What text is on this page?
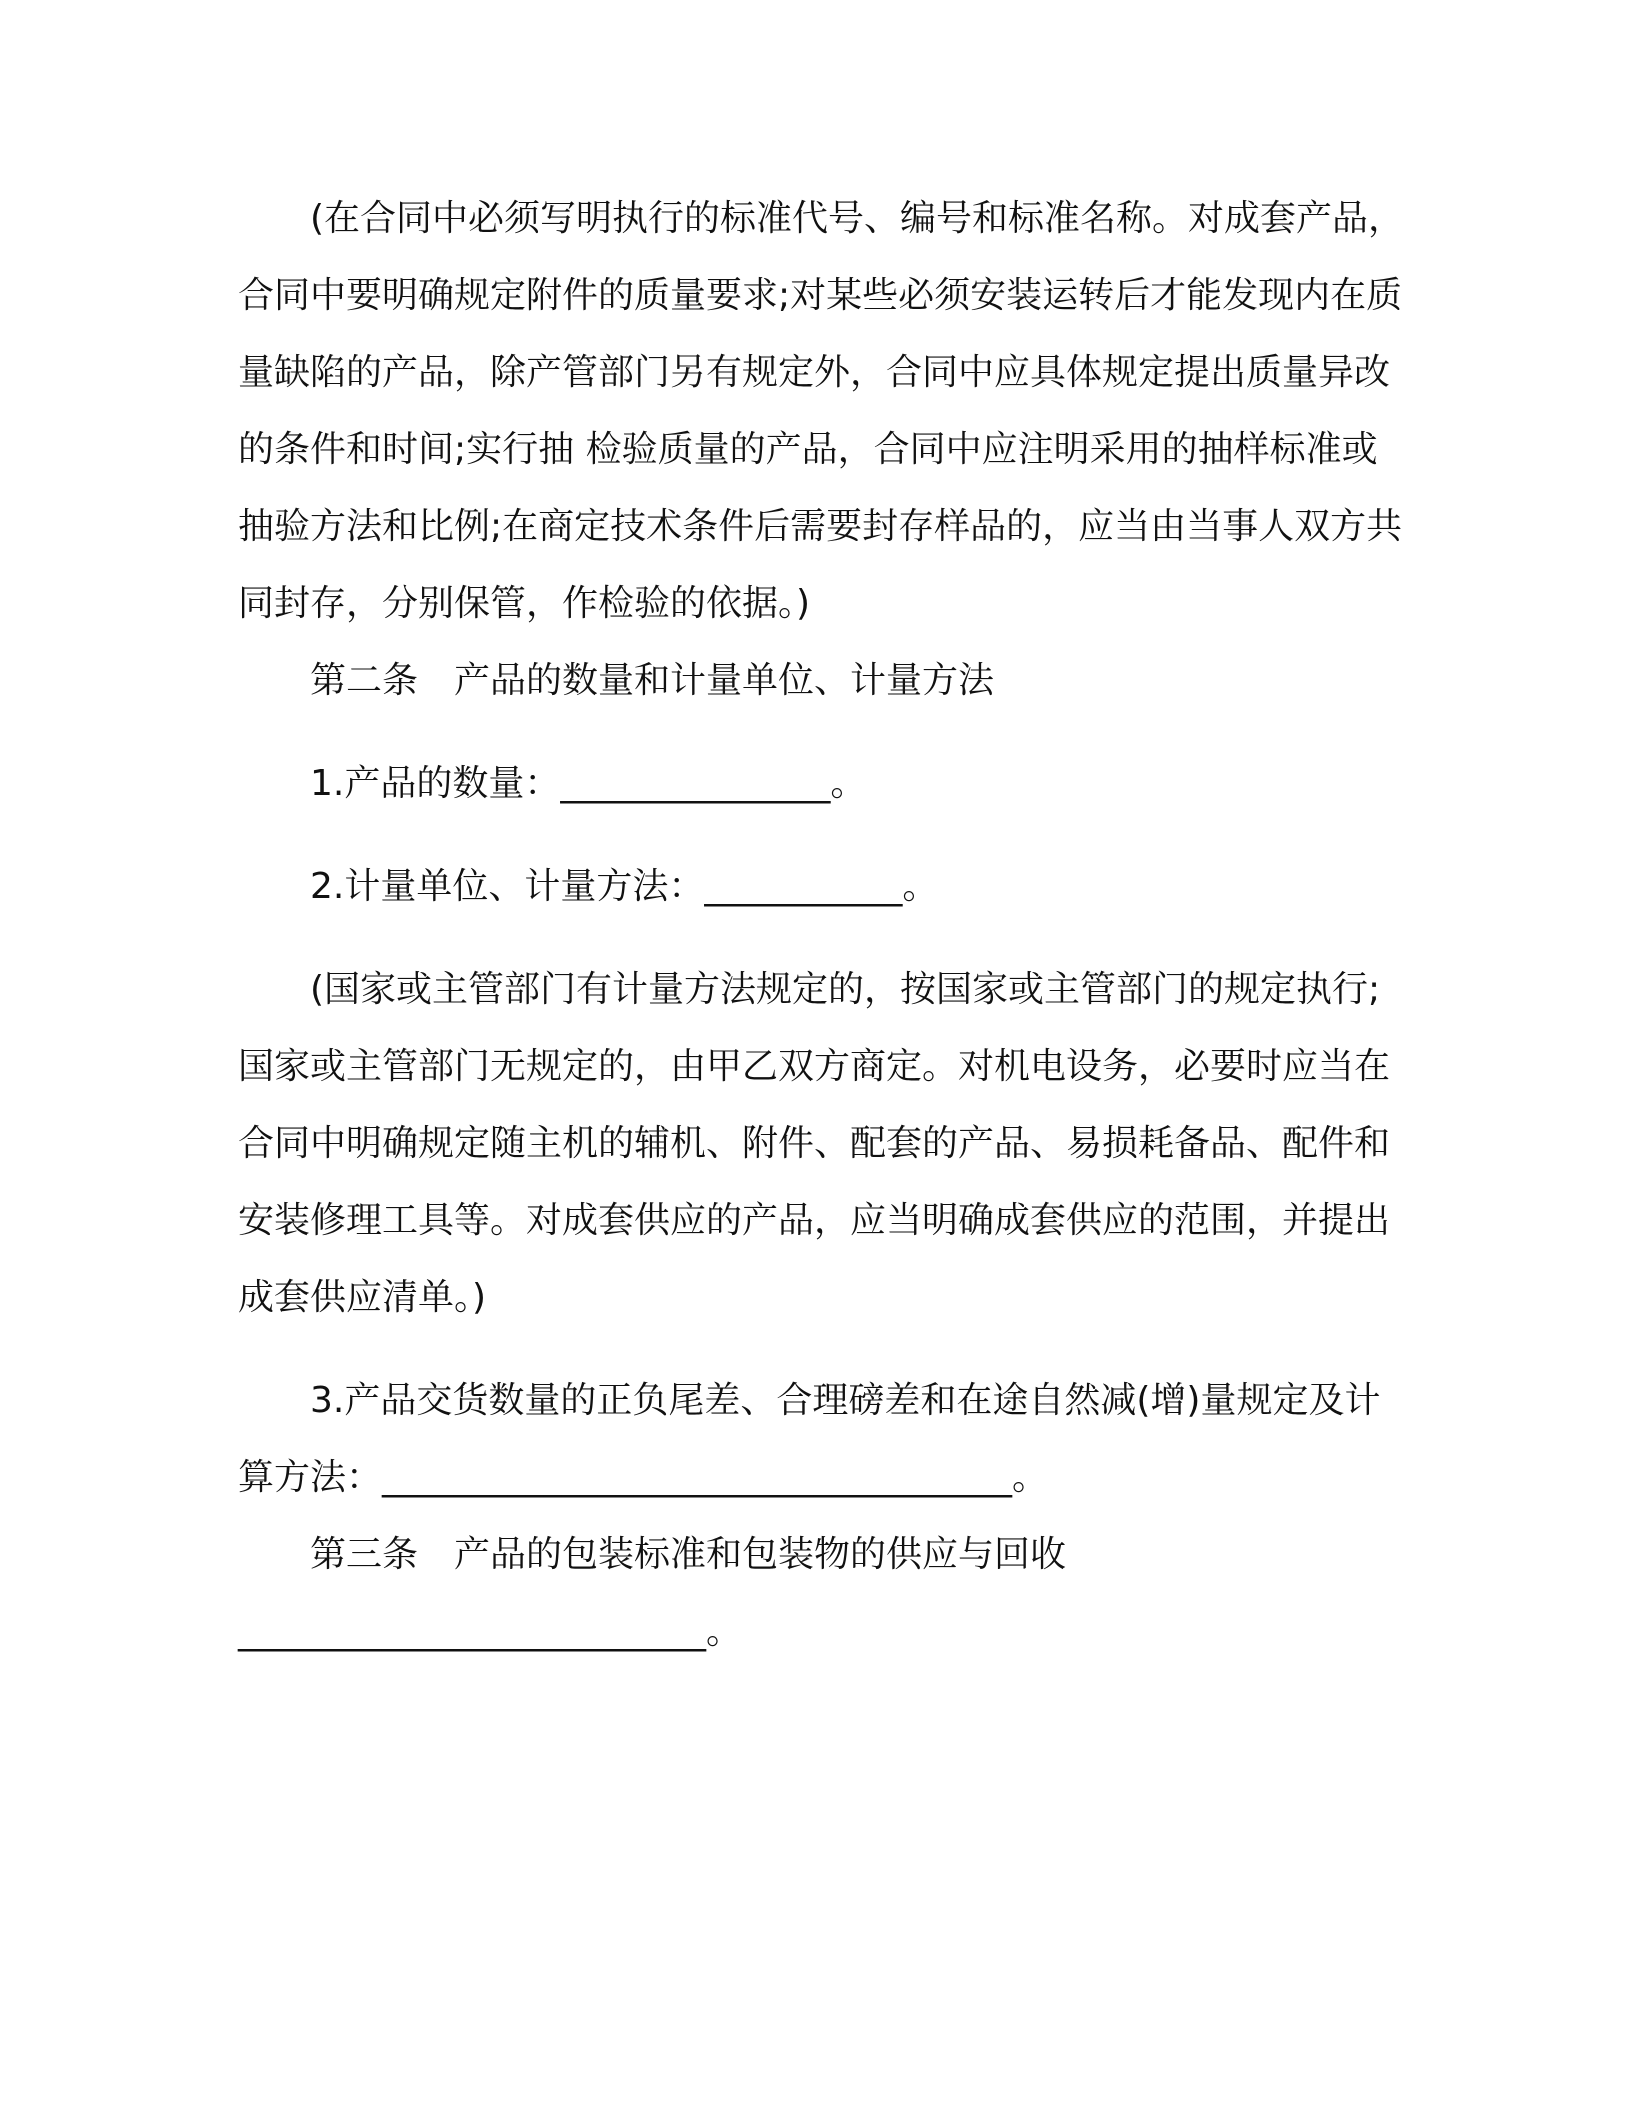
(在合同中必须写明执行的标准代号、编号和标准名称。对成套产品，合同中要明确规定附件的质量要求;对某些必须安装运转后才能发现内在质量缺陷的产品，除产管部门另有规定外，合同中应具体规定提出质量异改的条件和时间;实行抽 检验质量的产品，合同中应注明采用的抽样标准或抽验方法和比例;在商定技术条件后需要封存样品的，应当由当事人双方共同封存，分别保管，作检验的依据。)

第二条　产品的数量和计量单位、计量方法

1.产品的数量：_______________。

2.计量单位、计量方法：___________。

(国家或主管部门有计量方法规定的，按国家或主管部门的规定执行;国家或主管部门无规定的，由甲乙双方商定。对机电设务，必要时应当在合同中明确规定随主机的辅机、附件、配套的产品、易损耗备品、配件和安装修理工具等。对成套供应的产品，应当明确成套供应的范围，并提出成套供应清单。)

3.产品交货数量的正负尾差、合理磅差和在途自然减(增)量规定及计算方法：___________________________________。

第三条　产品的包装标准和包装物的供应与回收

__________________________。
